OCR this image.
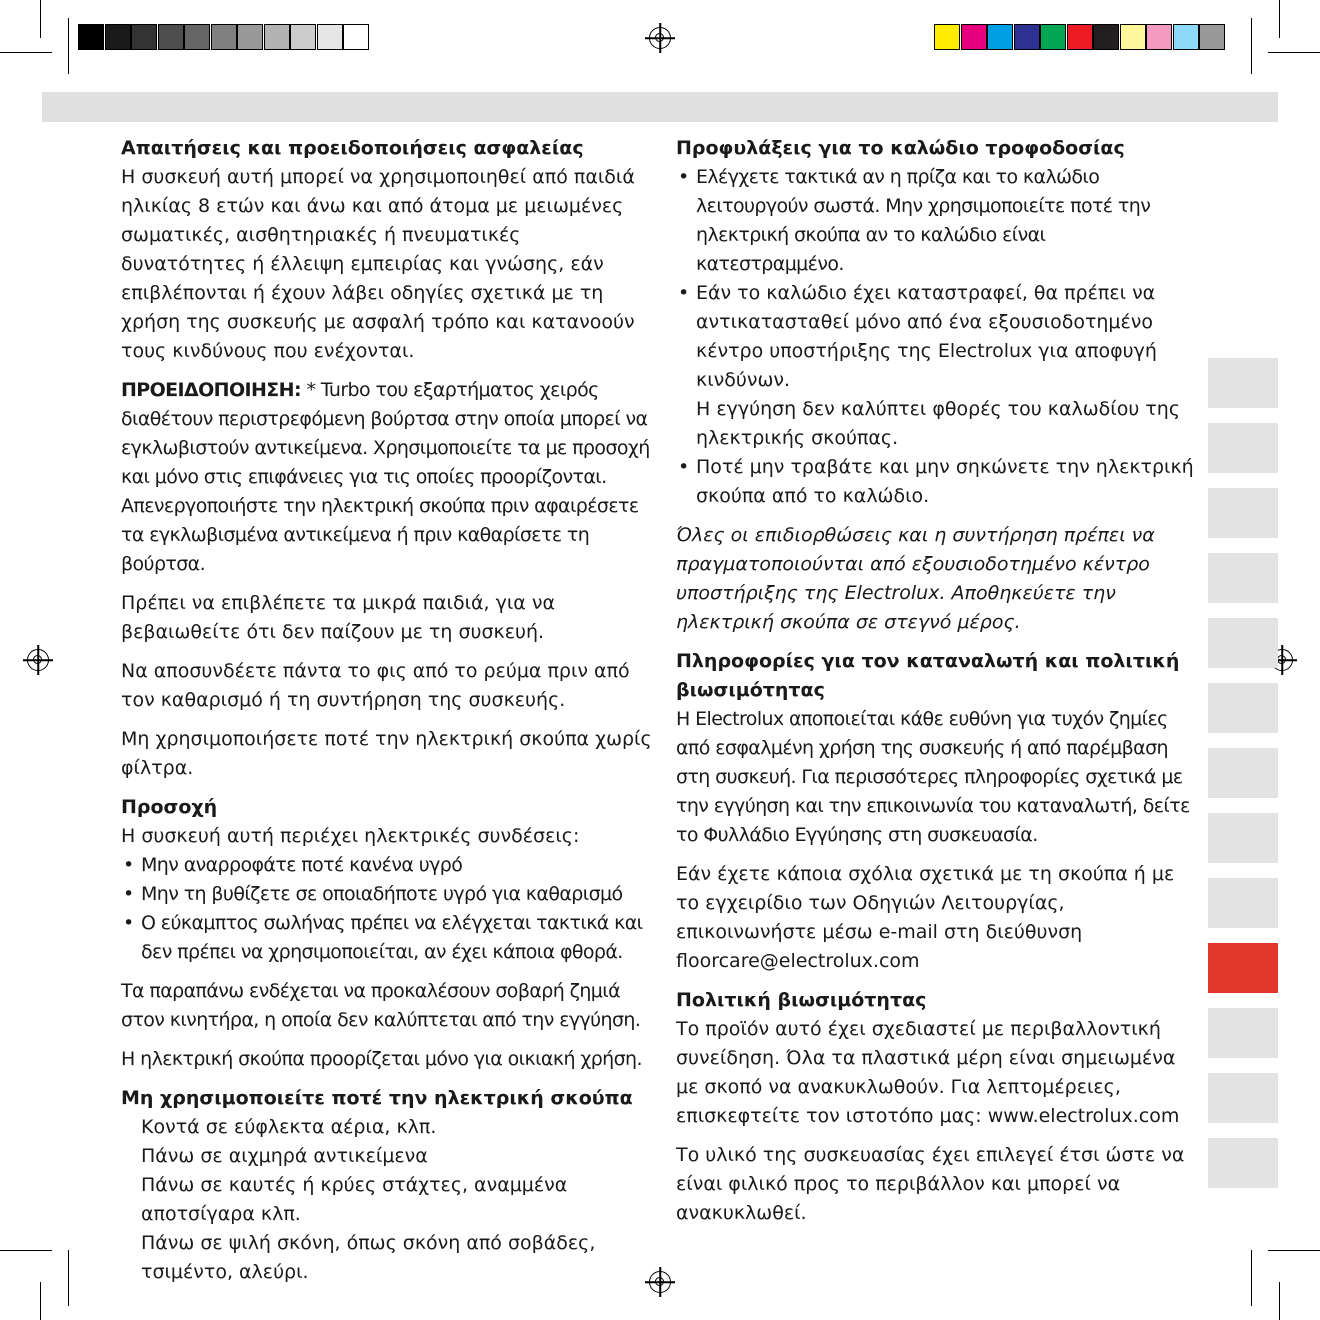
Απαιτήσεις και προειδοποιήσεις ασφαλείας

Η συσκευή αυτή μπορεί να χρησιμοποιηθεί από παιδιά ηλικίας 8 ετών και άνω και από άτομα με μειωμένες σωματικές, αισθητηριακές ή πνευματικές δυνατότητες ή έλλειψη εμπειρίας και γνώσης, εάν επιβλέπονται ή έχουν λάβει οδηγίες σχετικά με τη χρήση της συσκευής με ασφαλή τρόπο και κατανοούν τους κινδύνους που ενέχονται.

ΠΡΟΕΙΔΟΠΟΙΗΣΗ: * Turbo του εξαρτήματος χειρός διαθέτουν περιστρεφόμενη βούρτσα στην οποία μπορεί να εγκλωβιστούν αντικείμενα. Χρησιμοποιείτε τα με προσοχή και μόνο στις επιφάνειες για τις οποίες προορίζονται. Απενεργοποιήστε την ηλεκτρική σκούπα πριν αφαιρέσετε τα εγκλωβισμένα αντικείμενα ή πριν καθαρίσετε τη βούρτσα.

Πρέπει να επιβλέπετε τα μικρά παιδιά, για να βεβαιωθείτε ότι δεν παίζουν με τη συσκευή.

Να αποσυνδέετε πάντα το φις από το ρεύμα πριν από τον καθαρισμό ή τη συντήρηση της συσκευής.

Μη χρησιμοποιήσετε ποτέ την ηλεκτρική σκούπα χωρίς φίλτρα.

Προσοχή
Η συσκευή αυτή περιέχει ηλεκτρικές συνδέσεις:
• Μην αναρροφάτε ποτέ κανένα υγρό
• Μην τη βυθίζετε σε οποιαδήποτε υγρό για καθαρισμό
• Ο εύκαμπτος σωλήνας πρέπει να ελέγχεται τακτικά και δεν πρέπει να χρησιμοποιείται, αν έχει κάποια φθορά.

Τα παραπάνω ενδέχεται να προκαλέσουν σοβαρή ζημιά στον κινητήρα, η οποία δεν καλύπτεται από την εγγύηση.

Η ηλεκτρική σκούπα προορίζεται μόνο για οικιακή χρήση.

Μη χρησιμοποιείτε ποτέ την ηλεκτρική σκούπα
Κοντά σε εύφλεκτα αέρια, κλπ.
Πάνω σε αιχμηρά αντικείμενα
Πάνω σε καυτές ή κρύες στάχτες, αναμμένα αποτσίγαρα κλπ.
Πάνω σε ψιλή σκόνη, όπως σκόνη από σοβάδες, τσιμέντο, αλεύρι.
Προφυλάξεις για το καλώδιο τροφοδοσίας
• Ελέγχετε τακτικά αν η πρίζα και το καλώδιο λειτουργούν σωστά. Μην χρησιμοποιείτε ποτέ την ηλεκτρική σκούπα αν το καλώδιο είναι κατεστραμμένο.
• Εάν το καλώδιο έχει καταστραφεί, θα πρέπει να αντικατασταθεί μόνο από ένα εξουσιοδοτημένο κέντρο υποστήριξης της Electrolux για αποφυγή κινδύνων.
Η εγγύηση δεν καλύπτει φθορές του καλωδίου της ηλεκτρικής σκούπας.
• Ποτέ μην τραβάτε και μην σηκώνετε την ηλεκτρική σκούπα από το καλώδιο.

Όλες οι επιδιορθώσεις και η συντήρηση πρέπει να πραγματοποιούνται από εξουσιοδοτημένο κέντρο υποστήριξης της Electrolux. Αποθηκεύετε την ηλεκτρική σκούπα σε στεγνό μέρος.

Πληροφορίες για τον καταναλωτή και πολιτική βιωσιμότητας

Η Electrolux αποποιείται κάθε ευθύνη για τυχόν ζημίες από εσφαλμένη χρήση της συσκευής ή από παρέμβαση στη συσκευή. Για περισσότερες πληροφορίες σχετικά με την εγγύηση και την επικοινωνία του καταναλωτή, δείτε το Φυλλάδιο Εγγύησης στη συσκευασία.

Εάν έχετε κάποια σχόλια σχετικά με τη σκούπα ή με το εγχειρίδιο των Οδηγιών Λειτουργίας, επικοινωνήστε μέσω e-mail στη διεύθυνση
floorcare@electrolux.com

Πολιτική βιωσιμότητας

Το προϊόν αυτό έχει σχεδιαστεί με περιβαλλοντική συνείδηση. Όλα τα πλαστικά μέρη είναι σημειωμένα με σκοπό να ανακυκλωθούν. Για λεπτομέρειες, επισκεφτείτε τον ιστοτόπο μας: www.electrolux.com

Το υλικό της συσκευασίας έχει επιλεγεί έτσι ώστε να είναι φιλικό προς το περιβάλλον και μπορεί να ανακυκλωθεί.
